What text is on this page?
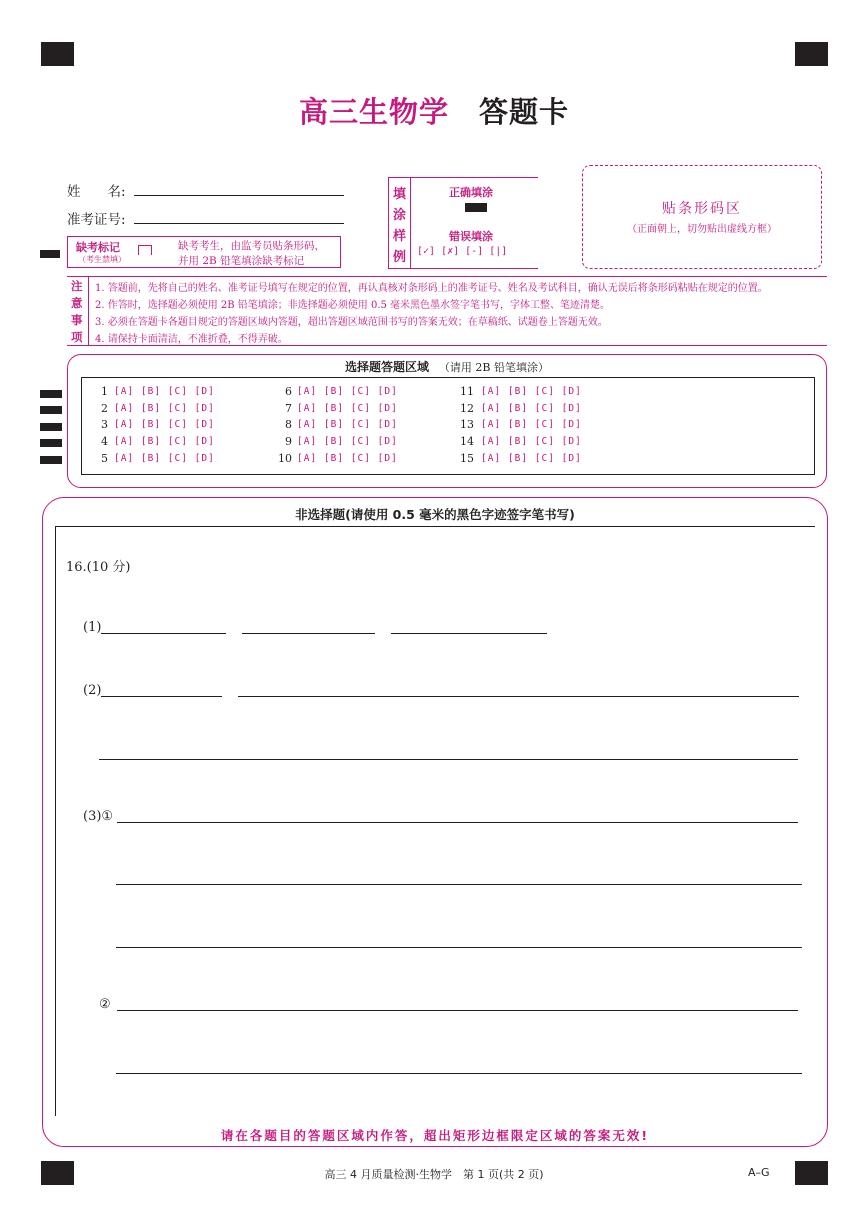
高三生物学 答题卡
姓　　名:
准考证号:
缺考标记
（考生禁填）
缺考考生，由监考员贴条形码，
并用 2B 铅笔填涂缺考标记
填
涂
样
例
正确填涂
错误填涂
[✓] [✗] [-] [|]
贴条形码区
（正面朝上，切勿贴出虚线方框）
注
意
事
项
1. 答题前，先将自己的姓名、准考证号填写在规定的位置，再认真核对条形码上的准考证号、姓名及考试科目，确认无误后将条形码粘贴在规定的位置。
2. 作答时，选择题必须使用 2B 铅笔填涂；非选择题必须使用 0.5 毫米黑色墨水签字笔书写，字体工整、笔迹清楚。
3. 必须在答题卡各题目规定的答题区域内答题，超出答题区域范围书写的答案无效；在草稿纸、试题卷上答题无效。
4. 请保持卡面清洁，不准折叠，不得弄破。
选择题答题区域 （请用 2B 铅笔填涂）
1 [A] [B] [C] [D]
2 [A] [B] [C] [D]
3 [A] [B] [C] [D]
4 [A] [B] [C] [D]
5 [A] [B] [C] [D]
6 [A] [B] [C] [D]
7 [A] [B] [C] [D]
8 [A] [B] [C] [D]
9 [A] [B] [C] [D]
10 [A] [B] [C] [D]
11 [A] [B] [C] [D]
12 [A] [B] [C] [D]
13 [A] [B] [C] [D]
14 [A] [B] [C] [D]
15 [A] [B] [C] [D]
非选择题(请使用 0.5 毫米的黑色字迹签字笔书写)
请在各题目的答题区域内作答，超出矩形边框限定区域的答案无效!
16.(10 分)
(1)
(2)
(3)①
②
高三 4 月质量检测·生物学　第 1 页(共 2 页)	A–G
